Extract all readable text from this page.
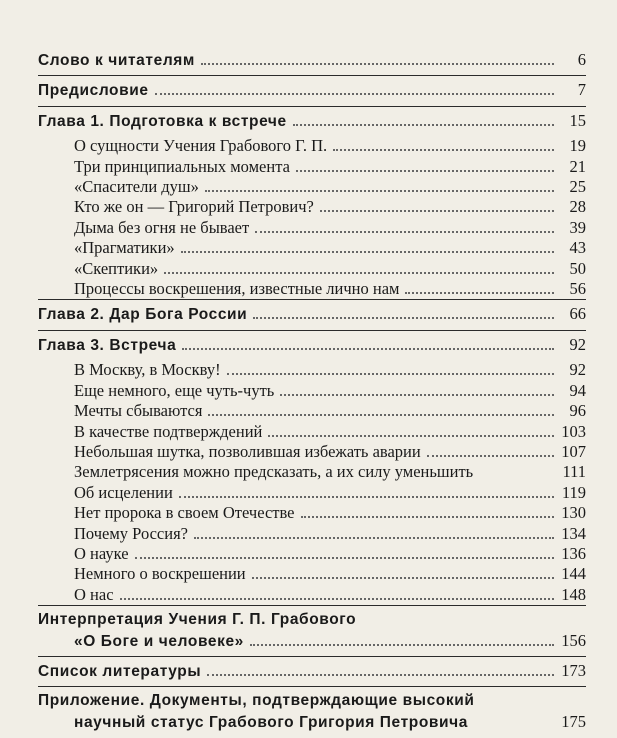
Слово к читателям	6
Предисловие	7
Глава 1. Подготовка к встрече	15
О сущности Учения Грабового Г. П.	19
Три принципиальных момента	21
«Спасители душ»	25
Кто же он — Григорий Петрович?	28
Дыма без огня не бывает	39
«Прагматики»	43
«Скептики»	50
Процессы воскрешения, известные лично нам	56
Глава 2. Дар Бога России	66
Глава 3. Встреча	92
В Москву, в Москву!	92
Еще немного, еще чуть-чуть	94
Мечты сбываются	96
В качестве подтверждений	103
Небольшая шутка, позволившая избежать аварии	107
Землетрясения можно предсказать, а их силу уменьшить	111
Об исцелении	119
Нет пророка в своем Отечестве	130
Почему Россия?	134
О науке	136
Немного о воскрешении	144
О нас	148
Интерпретация Учения Г. П. Грабового
«О Боге и человеке»	156
Список литературы	173
Приложение. Документы, подтверждающие высокий
научный статус Грабового Григория Петровича	175
